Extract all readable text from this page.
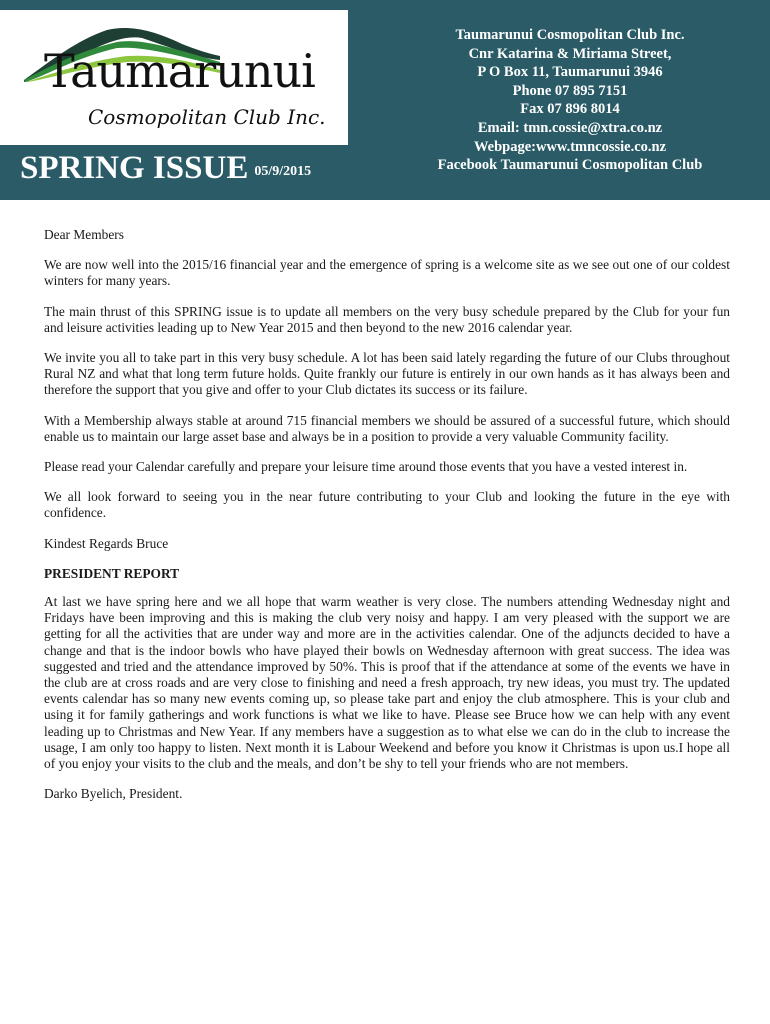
Taumarunui
Cosmopolitan Club Inc.
SPRING ISSUE 05/9/2015
Taumarunui Cosmopolitan Club Inc.
Cnr Katarina & Miriama Street,
P O Box 11, Taumarunui 3946
Phone 07 895 7151
Fax 07 896 8014
Email: tmn.cossie@xtra.co.nz
Webpage:www.tmncossie.co.nz
Facebook Taumarunui Cosmopolitan Club

Dear Members

We are now well into the 2015/16 financial year and the emergence of spring is a welcome site as we see out one of our coldest winters for many years.

The main thrust of this SPRING issue is to update all members on the very busy schedule prepared by the Club for your fun and leisure activities leading up to New Year 2015 and then beyond to the new 2016 calendar year.

We invite you all to take part in this very busy schedule. A lot has been said lately regarding the future of our Clubs throughout Rural NZ and what that long term future holds. Quite frankly our future is entirely in our own hands as it has always been and therefore the support that you give and offer to your Club dictates its success or its failure.

With a Membership always stable at around 715 financial members we should be assured of a successful future, which should enable us to maintain our large asset base and always be in a position to provide a very valuable Community facility.

Please read your Calendar carefully and prepare your leisure time around those events that you have a vested interest in.

We all look forward to seeing you in the near future contributing to your Club and looking the future in the eye with confidence.

Kindest Regards Bruce

PRESIDENT REPORT

At last we have spring here and we all hope that warm weather is very close. The numbers attending Wednesday night and Fridays have been improving and this is making the club very noisy and happy. I am very pleased with the support we are getting for all the activities that are under way and more are in the activities calendar. One of the adjuncts decided to have a change and that is the indoor bowls who have played their bowls on Wednesday afternoon with great success. The idea was suggested and tried and the attendance improved by 50%. This is proof that if the attendance at some of the events we have in the club are at cross roads and are very close to finishing and need a fresh approach, try new ideas, you must try. The updated events calendar has so many new events coming up, so please take part and enjoy the club atmosphere. This is your club and using it for family gatherings and work functions is what we like to have. Please see Bruce how we can help with any event leading up to Christmas and New Year. If any members have a suggestion as to what else we can do in the club to increase the usage, I am only too happy to listen. Next month it is Labour Weekend and before you know it Christmas is upon us.I hope all of you enjoy your visits to the club and the meals, and don’t be shy to tell your friends who are not members.

Darko Byelich, President.
